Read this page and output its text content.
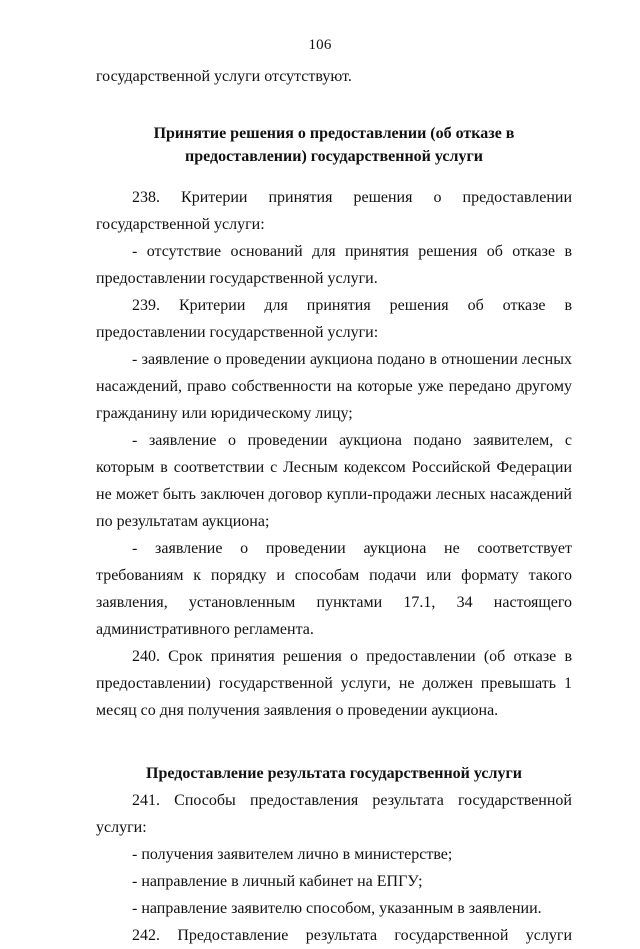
106

государственной услуги отсутствуют.

Принятие решения о предоставлении (об отказе в
предоставлении) государственной услуги

238. Критерии принятия решения о предоставлении государственной услуги:

- отсутствие оснований для принятия решения об отказе в предоставлении государственной услуги.

239. Критерии для принятия решения об отказе в предоставлении государственной услуги:

- заявление о проведении аукциона подано в отношении лесных насаждений, право собственности на которые уже передано другому гражданину или юридическому лицу;

- заявление о проведении аукциона подано заявителем, с которым в соответствии с Лесным кодексом Российской Федерации не может быть заключен договор купли-продажи лесных насаждений по результатам аукциона;

- заявление о проведении аукциона не соответствует требованиям к порядку и способам подачи или формату такого заявления, установленным пунктами 17.1, 34 настоящего административного регламента.

240. Срок принятия решения о предоставлении (об отказе в предоставлении) государственной услуги, не должен превышать 1 месяц со дня получения заявления о проведении аукциона.

Предоставление результата государственной услуги

241. Способы предоставления результата государственной услуги:

- получения заявителем лично в министерстве;

- направление в личный кабинет на ЕПГУ;

- направление заявителю способом, указанным в заявлении.

242. Предоставление результата государственной услуги
